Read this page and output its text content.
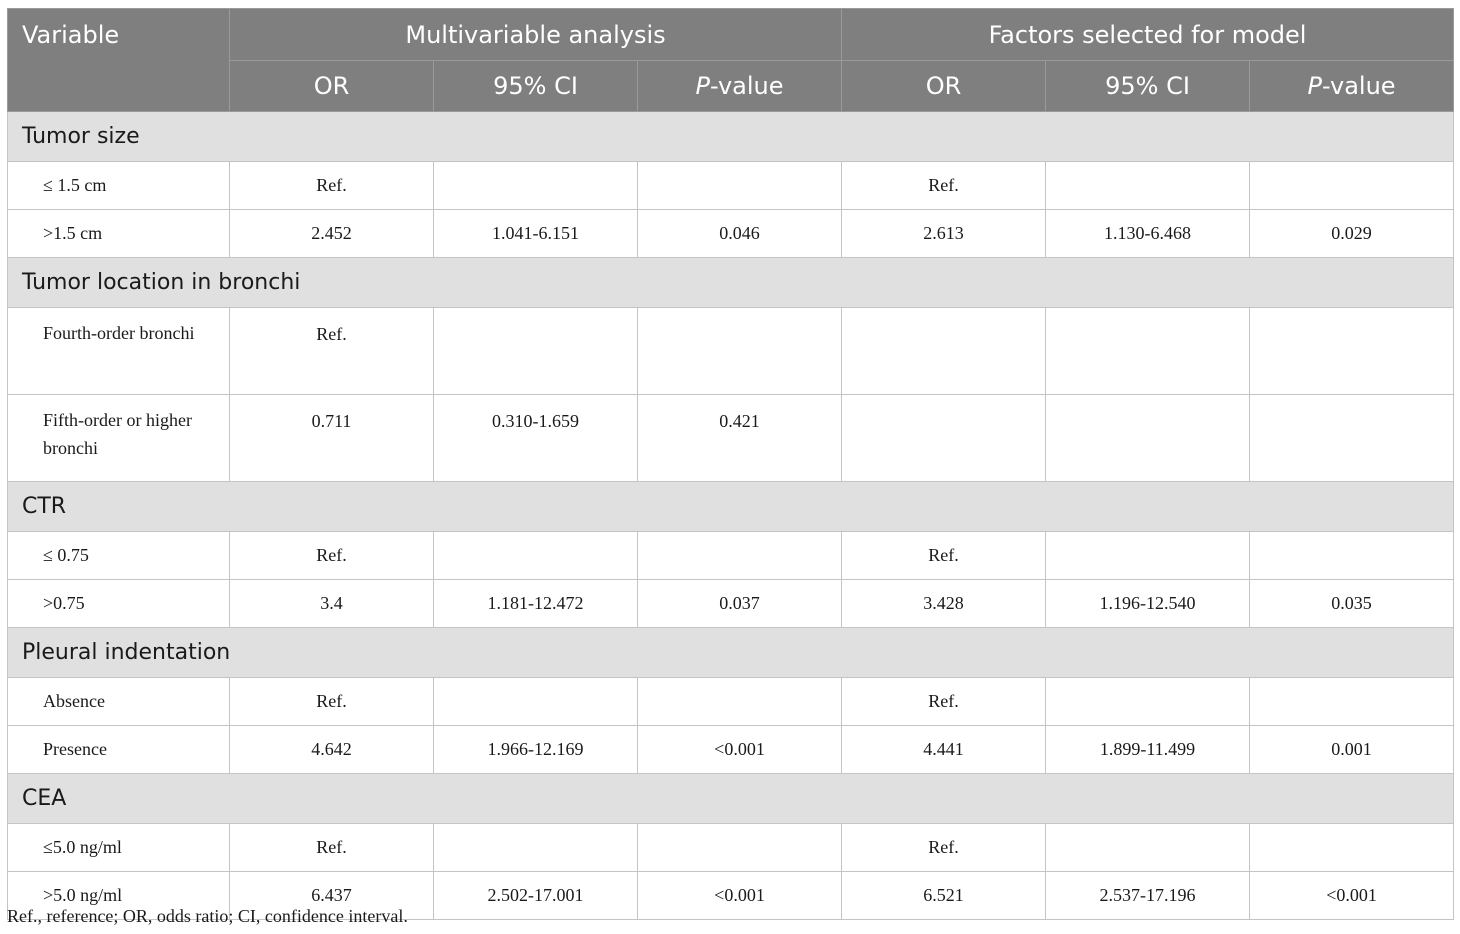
Variable	Multivariable analysis			Factors selected for model		
	OR	95% CI	P-value	OR	95% CI	P-value
Tumor size						
≤ 1.5 cm	Ref.			Ref.		
>1.5 cm	2.452	1.041-6.151	0.046	2.613	1.130-6.468	0.029
Tumor location in bronchi						
Fourth-order bronchi	Ref.					
Fifth-order or higher bronchi	0.711	0.310-1.659	0.421			
CTR						
≤ 0.75	Ref.			Ref.		
>0.75	3.4	1.181-12.472	0.037	3.428	1.196-12.540	0.035
Pleural indentation						
Absence	Ref.			Ref.		
Presence	4.642	1.966-12.169	<0.001	4.441	1.899-11.499	0.001
CEA						
≤5.0 ng/ml	Ref.			Ref.		
>5.0 ng/ml	6.437	2.502-17.001	<0.001	6.521	2.537-17.196	<0.001
Ref., reference; OR, odds ratio; CI, confidence interval.
